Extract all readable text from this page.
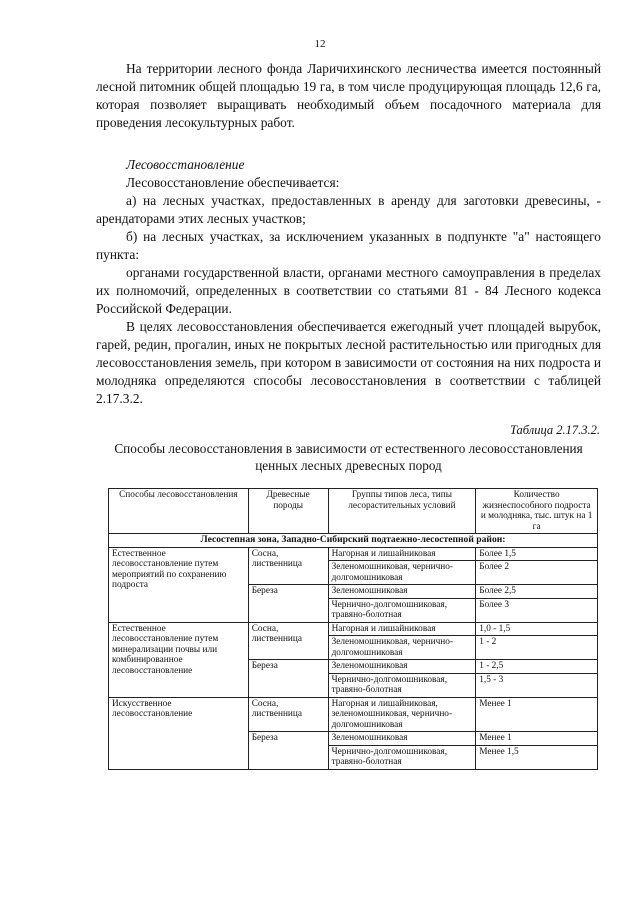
12

На территории лесного фонда Ларичихинского лесничества имеется постоянный лесной питомник общей площадью 19 га, в том числе продуцирующая площадь 12,6 га, которая позволяет выращивать необходимый объем посадочного материала для проведения лесокультурных работ.

Лесовосстановление

Лесовосстановление обеспечивается:

а) на лесных участках, предоставленных в аренду для заготовки древесины, - арендаторами этих лесных участков;

б) на лесных участках, за исключением указанных в подпункте "а" настоящего пункта:

органами государственной власти, органами местного самоуправления в пределах их полномочий, определенных в соответствии со статьями 81 - 84 Лесного кодекса Российской Федерации.

В целях лесовосстановления обеспечивается ежегодный учет площадей вырубок, гарей, редин, прогалин, иных не покрытых лесной растительностью или пригодных для лесовосстановления земель, при котором в зависимости от состояния на них подроста и молодняка определяются способы лесовосстановления в соответствии с таблицей 2.17.3.2.

Таблица 2.17.3.2.
Способы лесовосстановления в зависимости от естественного лесовосстановления ценных лесных древесных пород
Способы лесовосстановления	Древесные породы	Группы типов леса, типы лесорастительных условий	Количество жизнеспособного подроста и молодняка, тыс. штук на 1 га
Лесостепная зона, Западно-Сибирский подтаежно-лесостепной район:			
Естественное лесовосстановление путем мероприятий по сохранению подроста	Сосна, лиственница	Нагорная и лишайниковая	Более 1,5
		Зеленомошниковая, чернично-долгомошниковая	Более 2
	Береза	Зеленомошниковая	Более 2,5
		Чернично-долгомошниковая, травяно-болотная	Более 3
Естественное лесовосстановление путем минерализации почвы или комбинированное лесовосстановление	Сосна, лиственница	Нагорная и лишайниковая	1,0 - 1,5
		Зеленомошниковая, чернично-долгомошниковая	1 - 2
	Береза	Зеленомошниковая	1 - 2,5
		Чернично-долгомошниковая, травяно-болотная	1,5 - 3
Искусственное лесовосстановление	Сосна, лиственница	Нагорная и лишайниковая, зеленомошниковая, чернично-долгомошниковая	Менее 1
	Береза	Зеленомошниковая	Менее 1
		Чернично-долгомошниковая, травяно-болотная	Менее 1,5
